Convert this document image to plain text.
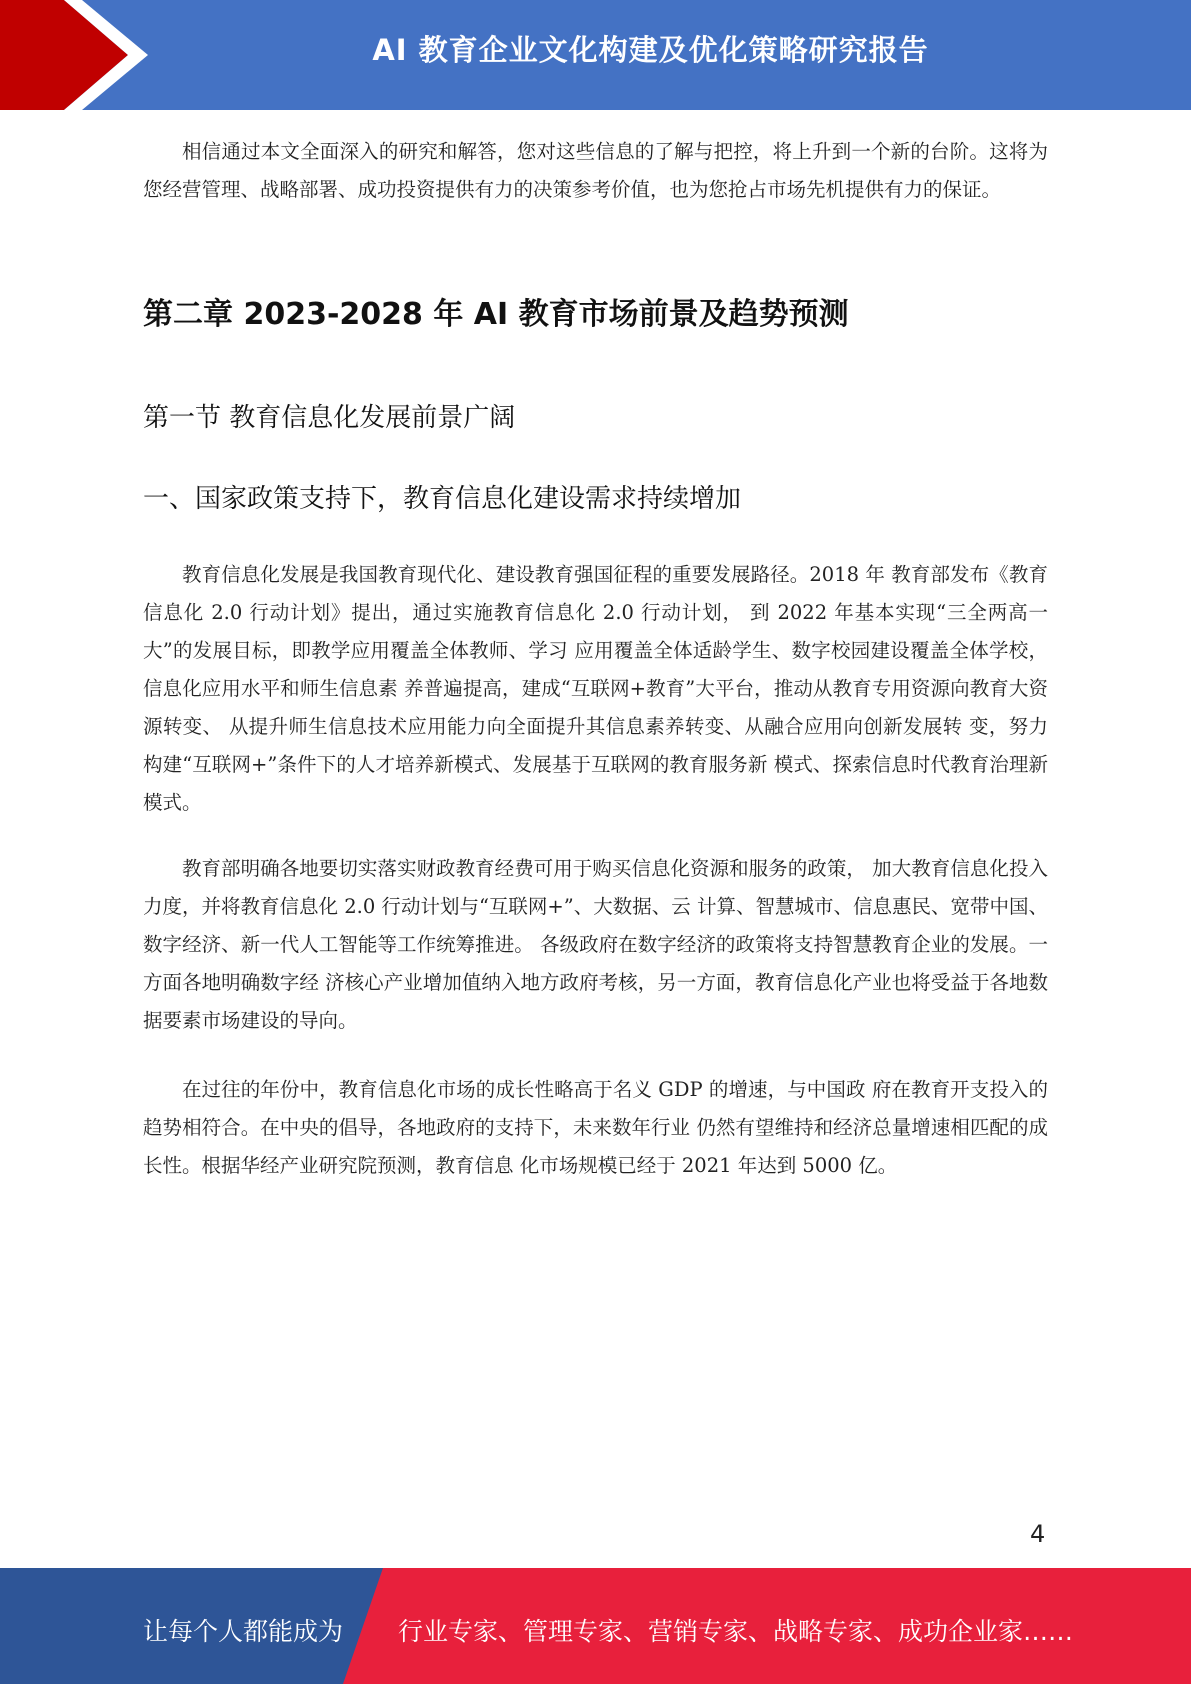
AI 教育企业文化构建及优化策略研究报告

相信通过本文全面深入的研究和解答，您对这些信息的了解与把控，将上升到一个新的台阶。这将为您经营管理、战略部署、成功投资提供有力的决策参考价值，也为您抢占市场先机提供有力的保证。

第二章 2023-2028 年 AI 教育市场前景及趋势预测
第一节 教育信息化发展前景广阔
一、国家政策支持下，教育信息化建设需求持续增加

教育信息化发展是我国教育现代化、建设教育强国征程的重要发展路径。2018 年 教育部发布《教育信息化 2.0 行动计划》提出，通过实施教育信息化 2.0 行动计划， 到 2022 年基本实现“三全两高一大”的发展目标，即教学应用覆盖全体教师、学习 应用覆盖全体适龄学生、数字校园建设覆盖全体学校，信息化应用水平和师生信息素 养普遍提高，建成“互联网+教育”大平台，推动从教育专用资源向教育大资源转变、 从提升师生信息技术应用能力向全面提升其信息素养转变、从融合应用向创新发展转 变，努力构建“互联网+”条件下的人才培养新模式、发展基于互联网的教育服务新 模式、探索信息时代教育治理新模式。

教育部明确各地要切实落实财政教育经费可用于购买信息化资源和服务的政策， 加大教育信息化投入力度，并将教育信息化 2.0 行动计划与“互联网+”、大数据、云 计算、智慧城市、信息惠民、宽带中国、数字经济、新一代人工智能等工作统筹推进。 各级政府在数字经济的政策将支持智慧教育企业的发展。一方面各地明确数字经 济核心产业增加值纳入地方政府考核，另一方面，教育信息化产业也将受益于各地数 据要素市场建设的导向。

在过往的年份中，教育信息化市场的成长性略高于名义 GDP 的增速，与中国政 府在教育开支投入的趋势相符合。在中央的倡导，各地政府的支持下，未来数年行业 仍然有望维持和经济总量增速相匹配的成长性。根据华经产业研究院预测，教育信息 化市场规模已经于 2021 年达到 5000 亿。

4
让每个人都能成为 行业专家、管理专家、营销专家、战略专家、成功企业家……
